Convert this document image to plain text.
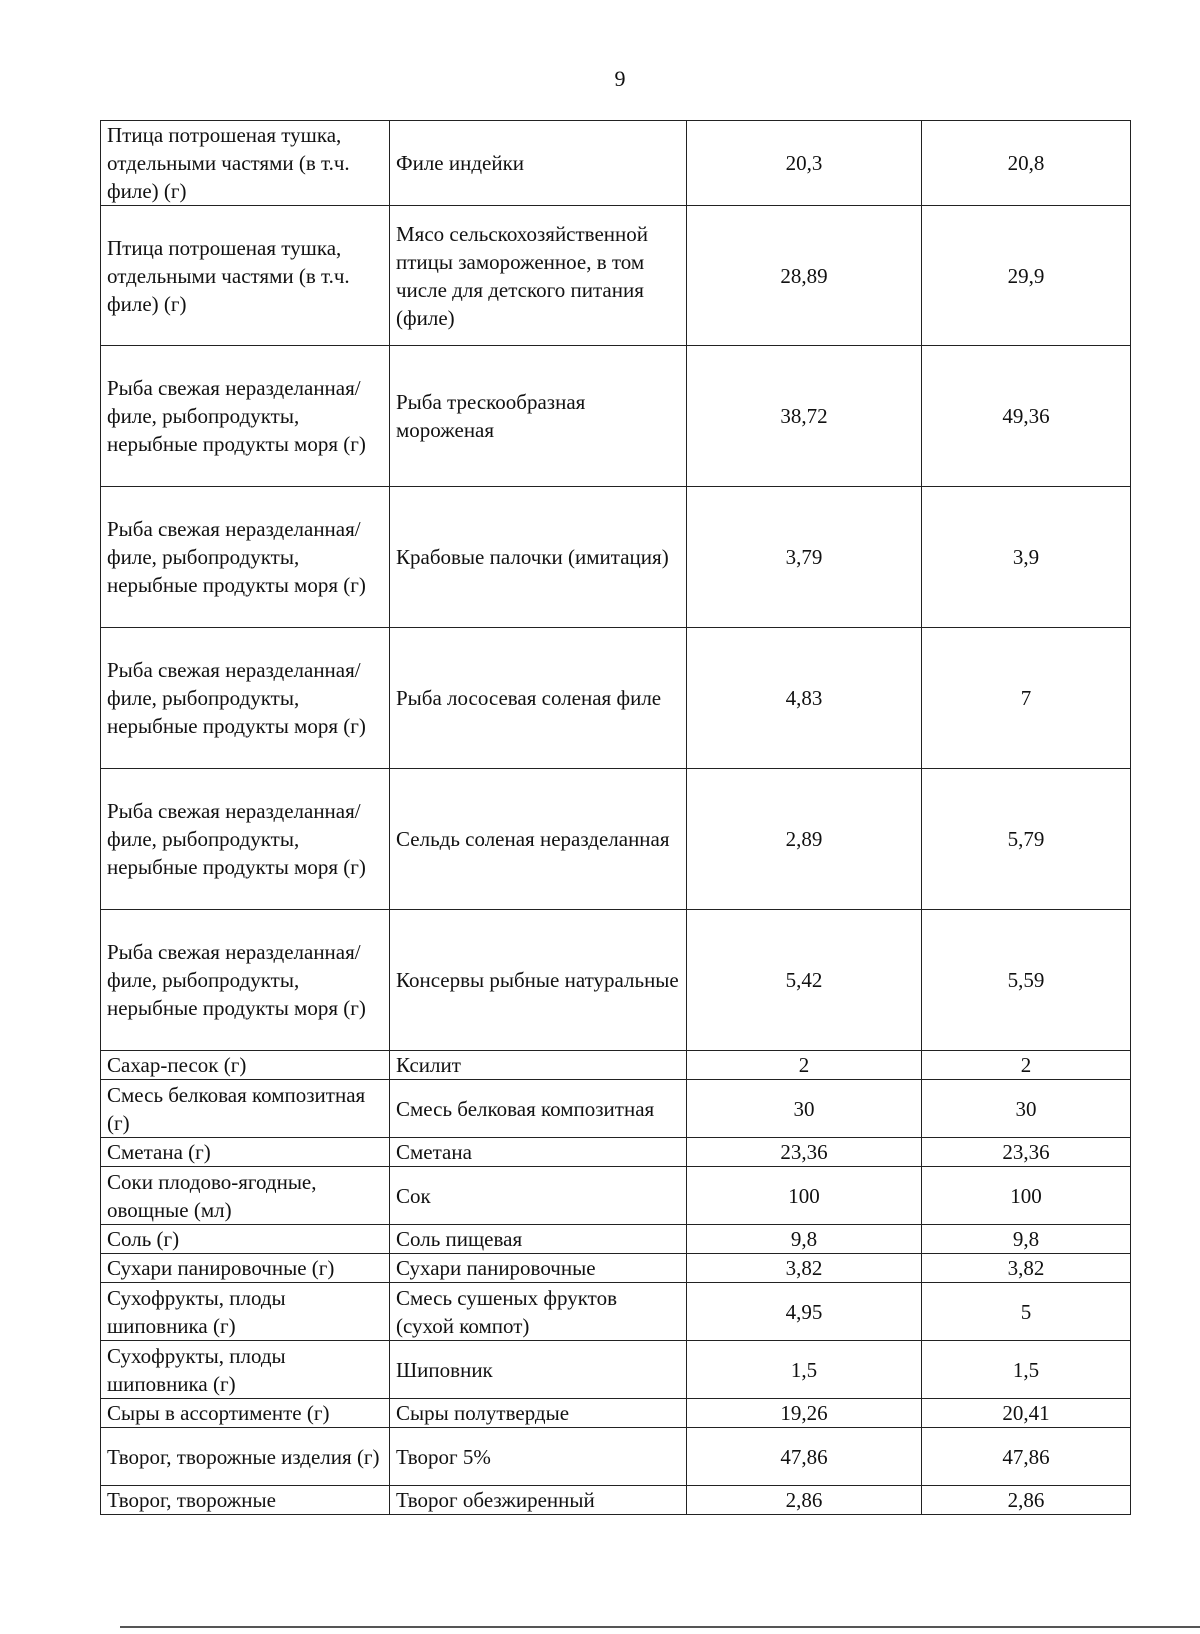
9
Птица потрошеная тушка, отдельными частями (в т.ч. филе) (г)	Филе индейки	20,3	20,8
Птица потрошеная тушка, отдельными частями (в т.ч. филе) (г)	Мясо сельскохозяйственной птицы замороженное, в том числе для детского питания (филе)	28,89	29,9
Рыба свежая неразделанная/филе, рыбопродукты, нерыбные продукты моря (г)	Рыба трескообразная мороженая	38,72	49,36
Рыба свежая неразделанная/филе, рыбопродукты, нерыбные продукты моря (г)	Крабовые палочки (имитация)	3,79	3,9
Рыба свежая неразделанная/филе, рыбопродукты, нерыбные продукты моря (г)	Рыба лососевая соленая филе	4,83	7
Рыба свежая неразделанная/филе, рыбопродукты, нерыбные продукты моря (г)	Сельдь соленая неразделанная	2,89	5,79
Рыба свежая неразделанная/филе, рыбопродукты, нерыбные продукты моря (г)	Консервы рыбные натуральные	5,42	5,59
Сахар-песок (г)	Ксилит	2	2
Смесь белковая композитная (г)	Смесь белковая композитная	30	30
Сметана (г)	Сметана	23,36	23,36
Соки плодово-ягодные, овощные (мл)	Сок	100	100
Соль (г)	Соль пищевая	9,8	9,8
Сухари панировочные (г)	Сухари панировочные	3,82	3,82
Сухофрукты, плоды шиповника (г)	Смесь сушеных фруктов (сухой компот)	4,95	5
Сухофрукты, плоды шиповника (г)	Шиповник	1,5	1,5
Сыры в ассортименте (г)	Сыры полутвердые	19,26	20,41
Творог, творожные изделия (г)	Творог 5%	47,86	47,86
Творог, творожные	Творог обезжиренный	2,86	2,86
